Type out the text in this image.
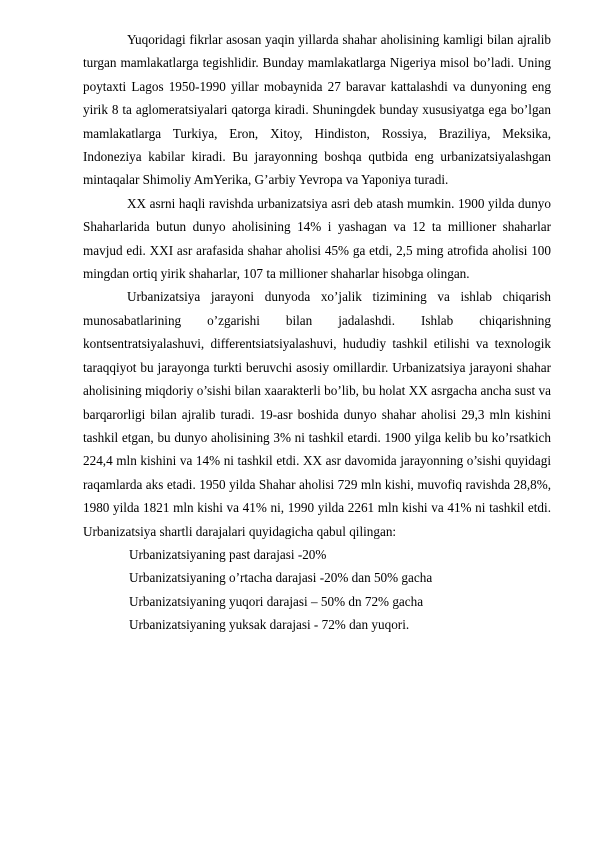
Yuqoridagi fikrlar asosan yaqin yillarda shahar aholisining kamligi bilan ajralib turgan mamlakatlarga tegishlidir. Bunday mamlakatlarga Nigeriya misol bo’ladi. Uning poytaxti Lagos 1950-1990 yillar mobaynida 27 baravar kattalashdi va dunyoning eng yirik 8 ta aglomeratsiyalari qatorga kiradi. Shuningdek bunday xususiyatga ega bo’lgan mamlakatlarga Turkiya, Eron, Xitoy, Hindiston, Rossiya, Braziliya, Meksika, Indoneziya kabilar kiradi. Bu jarayonning boshqa qutbida eng urbanizatsiyalashgan mintaqalar Shimoliy AmYerika, G’arbiy Yevropa va Yaponiya turadi.

XX asrni haqli ravishda urbanizatsiya asri deb atash mumkin. 1900 yilda dunyo Shaharlarida butun dunyo aholisining 14% i yashagan va 12 ta millioner shaharlar mavjud edi. XXI asr arafasida shahar aholisi 45% ga etdi, 2,5 ming atrofida aholisi 100 mingdan ortiq yirik shaharlar, 107 ta millioner shaharlar hisobga olingan.

Urbanizatsiya jarayoni dunyoda xo’jalik tizimining va ishlab chiqarish munosabatlarining o’zgarishi bilan jadalashdi. Ishlab chiqarishning kontsentratsiyalashuvi, differentsiatsiyalashuvi, hududiy tashkil etilishi va texnologik taraqqiyot bu jarayonga turkti beruvchi asosiy omillardir. Urbanizatsiya jarayoni shahar aholisining miqdoriy o’sishi bilan xaarakterli bo’lib, bu holat XX asrgacha ancha sust va barqarorligi bilan ajralib turadi. 19-asr boshida dunyo shahar aholisi 29,3 mln kishini tashkil etgan, bu dunyo aholisining 3% ni tashkil etardi. 1900 yilga kelib bu ko’rsatkich 224,4 mln kishini va 14% ni tashkil etdi. XX asr davomida jarayonning o’sishi quyidagi raqamlarda aks etadi. 1950 yilda Shahar aholisi 729 mln kishi, muvofiq ravishda 28,8%, 1980 yilda 1821 mln kishi va 41% ni, 1990 yilda 2261 mln kishi va 41% ni tashkil etdi. Urbanizatsiya shartli darajalari quyidagicha qabul qilingan:

Urbanizatsiyaning past darajasi -20%

Urbanizatsiyaning o’rtacha darajasi -20% dan 50% gacha

Urbanizatsiyaning yuqori darajasi – 50% dn 72% gacha

Urbanizatsiyaning yuksak darajasi - 72% dan yuqori.
